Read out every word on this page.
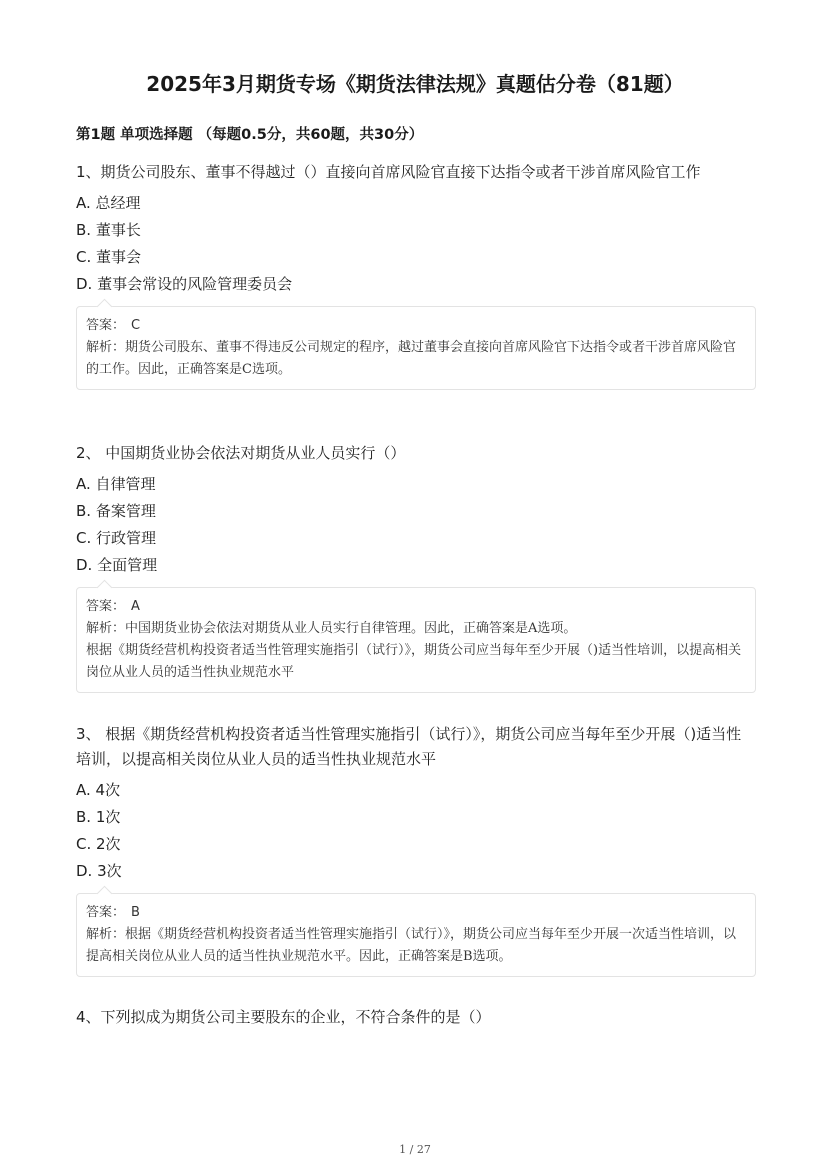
2025年3月期货专场《期货法律法规》真题估分卷（81题）
第1题 单项选择题 （每题0.5分，共60题，共30分）

1、期货公司股东、董事不得越过（）直接向首席风险官直接下达指令或者干涉首席风险官工作

A. 总经理
B. 董事长
C. 董事会
D. 董事会常设的风险管理委员会
答案： C
解析：期货公司股东、董事不得违反公司规定的程序，越过董事会直接向首席风险官下达指令或者干涉首席风险官的工作。因此，正确答案是C选项。

2、 中国期货业协会依法对期货从业人员实行（）

A. 自律管理
B. 备案管理
C. 行政管理
D. 全面管理
答案： A
解析：中国期货业协会依法对期货从业人员实行自律管理。因此，正确答案是A选项。
根据《期货经营机构投资者适当性管理实施指引（试行）》，期货公司应当每年至少开展（)适当性培训，以提高相关岗位从业人员的适当性执业规范水平

3、 根据《期货经营机构投资者适当性管理实施指引（试行）》，期货公司应当每年至少开展（)适当性培训，以提高相关岗位从业人员的适当性执业规范水平

A. 4次
B. 1次
C. 2次
D. 3次
答案： B
解析：根据《期货经营机构投资者适当性管理实施指引（试行）》，期货公司应当每年至少开展一次适当性培训，以提高相关岗位从业人员的适当性执业规范水平。因此，正确答案是B选项。

4、下列拟成为期货公司主要股东的企业，不符合条件的是（）

1 / 27
